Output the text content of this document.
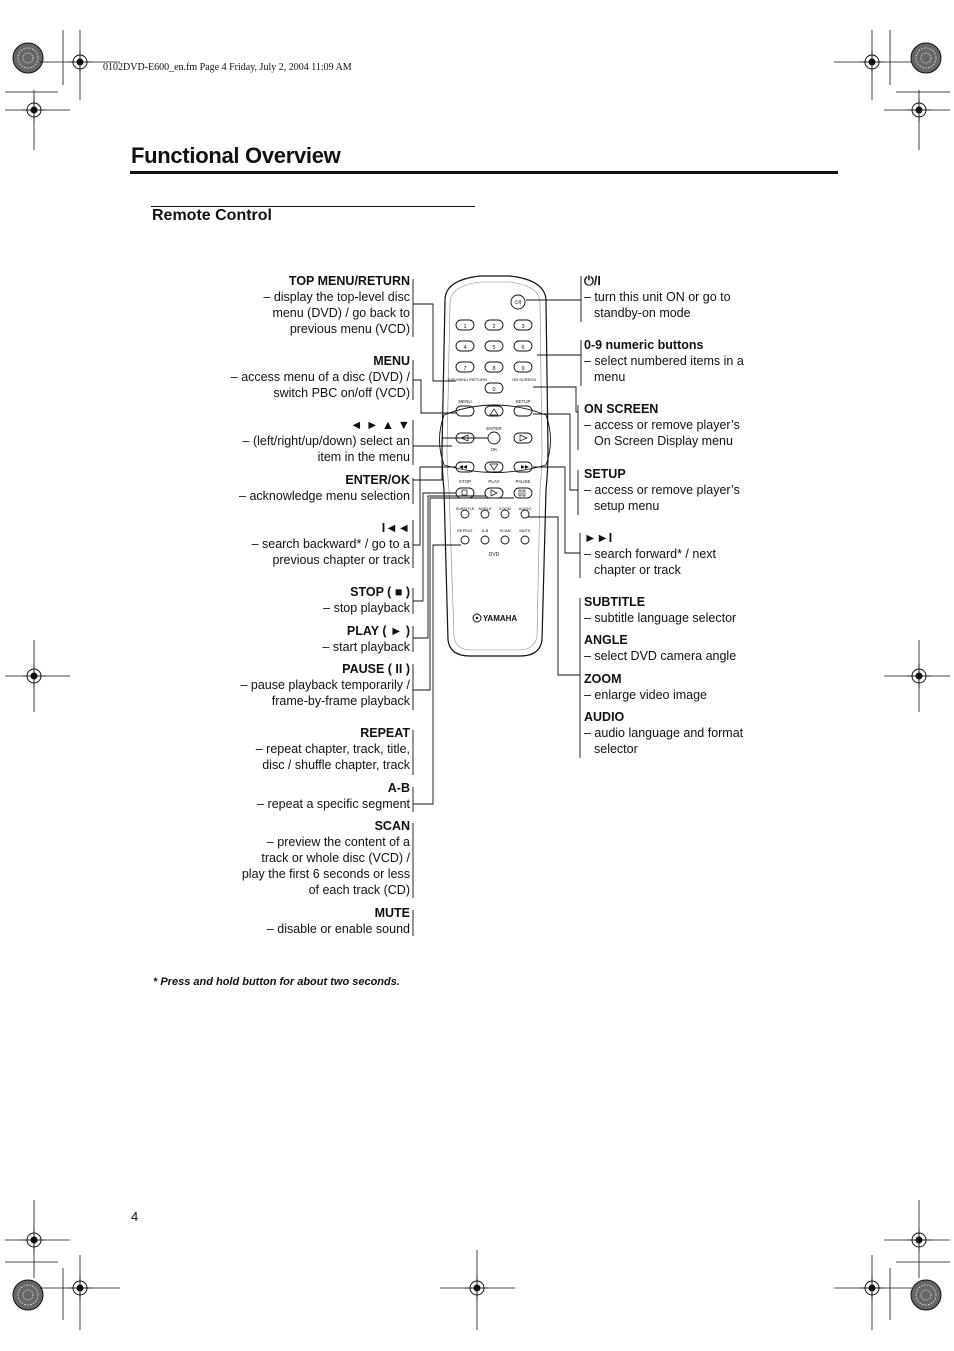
0102DVD-E600_en.fm Page 4 Friday, July 2, 2004 11:09 AM
Functional Overview
Remote Control
⏻/I
1	2	3
4	5	6
7	8	9
0
TOP MENU /RETURN	ON SCREEN
MENU	SETUP
ENTER
OK
STOP	PLAY	PAUSE
SUBTITLE ANGLE ZOOM AUDIO
REPEAT A-B	SCAN MUTE
DVD
YAMAHA
TOP MENU/RETURN
– display the top-level disc
menu (DVD) / go back to
previous menu (VCD)
MENU
– access menu of a disc (DVD) /
switch PBC on/off (VCD)
◄ ► ▲ ▼
– (left/right/up/down) select an
item in the menu
ENTER/OK
– acknowledge menu selection
I◄◄
– search backward* / go to a
previous chapter or track
STOP ( ■ )
– stop playback
PLAY ( ► )
– start playback
PAUSE ( II )
– pause playback temporarily /
frame-by-frame playback
REPEAT
– repeat chapter, track, title,
disc / shuffle chapter, track
A-B
– repeat a specific segment
SCAN
– preview the content of a
track or whole disc (VCD) /
play the first 6 seconds or less
of each track (CD)
MUTE
– disable or enable sound
⏻/I
– turn this unit ON or go to
standby-on mode
0-9 numeric buttons
– select numbered items in a
menu
ON SCREEN
– access or remove player’s
On Screen Display menu
SETUP
– access or remove player’s
setup menu
►►I
– search forward* / next
chapter or track
SUBTITLE
– subtitle language selector
ANGLE
– select DVD camera angle
ZOOM
– enlarge video image
AUDIO
– audio language and format
selector
* Press and hold button for about two seconds.
4
